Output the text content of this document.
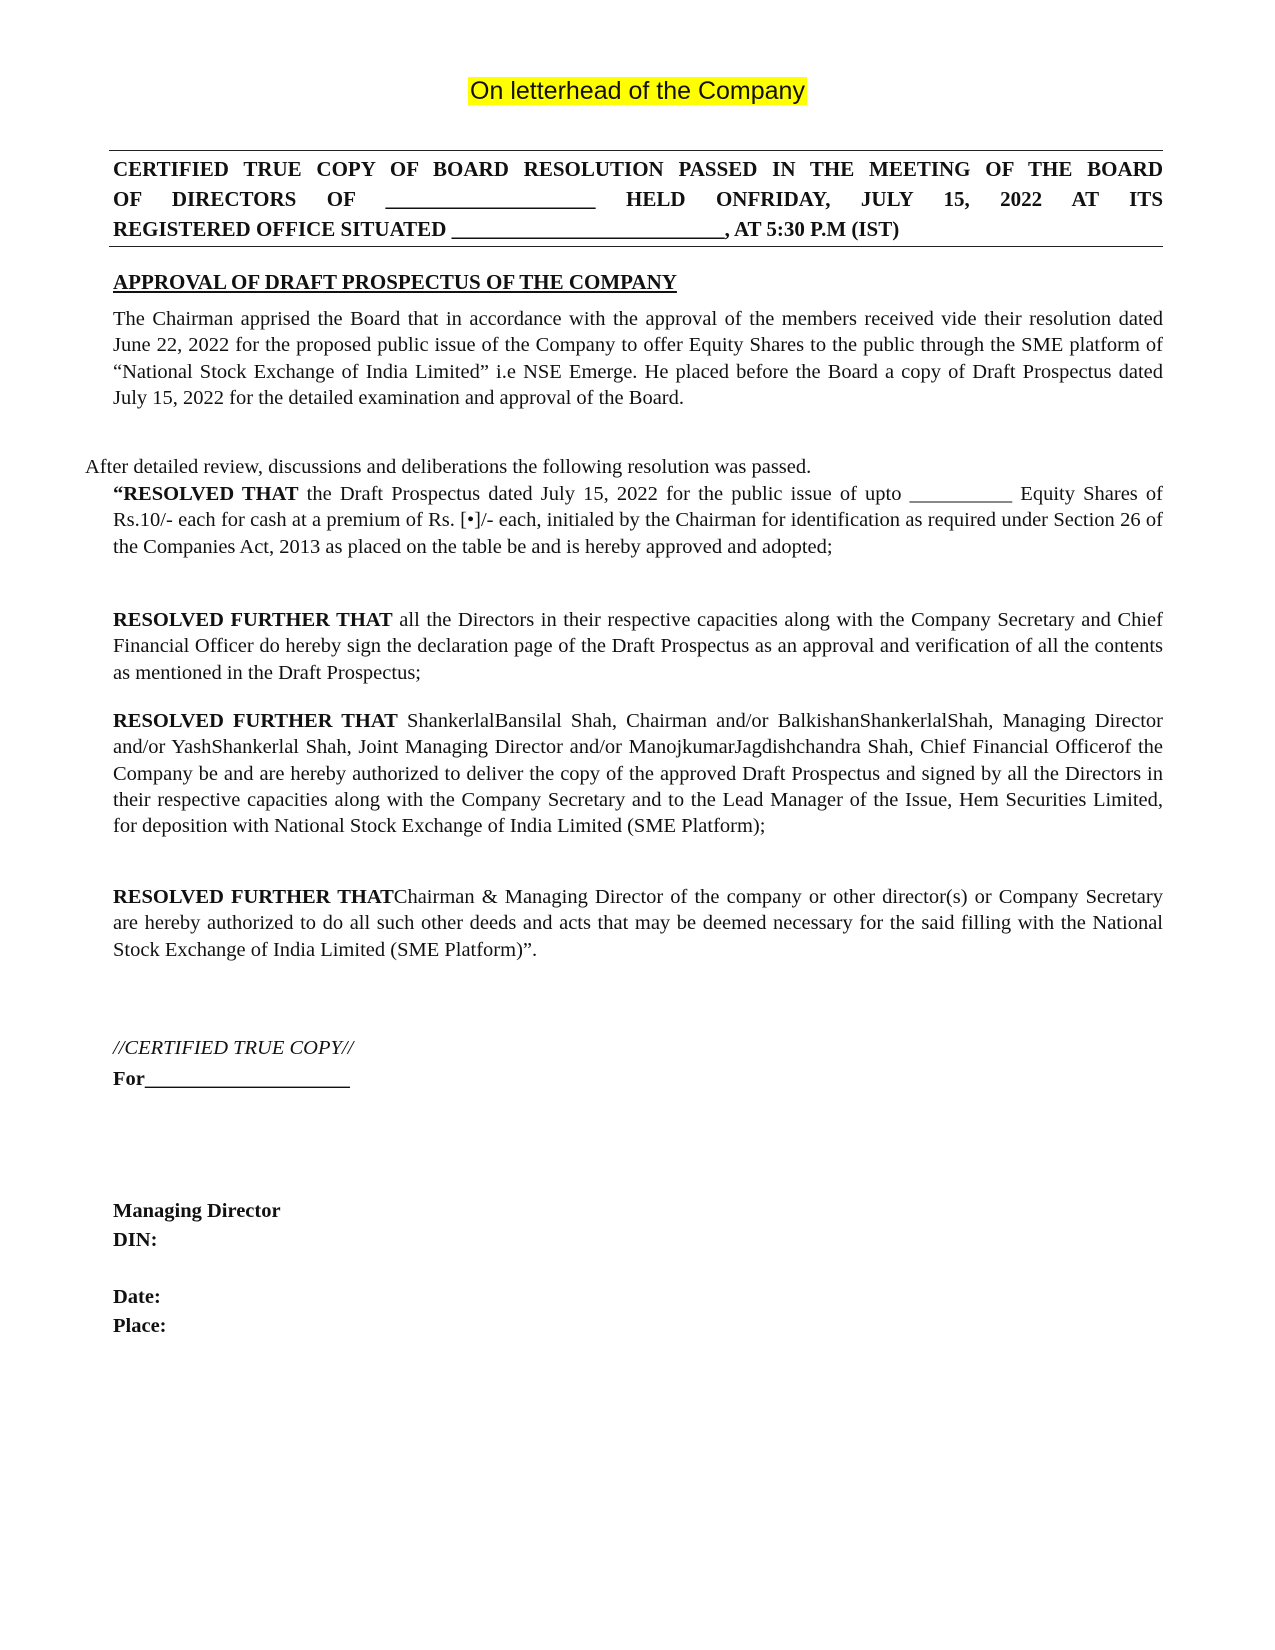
On letterhead of the Company
CERTIFIED TRUE COPY OF BOARD RESOLUTION PASSED IN THE MEETING OF THE BOARD
OF DIRECTORS OF ____________________ HELD ONFRIDAY, JULY 15, 2022 AT ITS
REGISTERED OFFICE SITUATED __________________________, AT 5:30 P.M (IST)
APPROVAL OF DRAFT PROSPECTUS OF THE COMPANY
The Chairman apprised the Board that in accordance with the approval of the members received vide their resolution dated June 22, 2022 for the proposed public issue of the Company to offer Equity Shares to the public through the SME platform of “National Stock Exchange of India Limited” i.e NSE Emerge. He placed before the Board a copy of Draft Prospectus dated July 15, 2022 for the detailed examination and approval of the Board.
After detailed review, discussions and deliberations the following resolution was passed.
“RESOLVED THAT the Draft Prospectus dated July 15, 2022 for the public issue of upto __________ Equity Shares of Rs.10/- each for cash at a premium of Rs. [•]/- each, initialed by the Chairman for identification as required under Section 26 of the Companies Act, 2013 as placed on the table be and is hereby approved and adopted;
RESOLVED FURTHER THAT all the Directors in their respective capacities along with the Company Secretary and Chief Financial Officer do hereby sign the declaration page of the Draft Prospectus as an approval and verification of all the contents as mentioned in the Draft Prospectus;
RESOLVED FURTHER THAT ShankerlalBansilal Shah, Chairman and/or BalkishanShankerlalShah, Managing Director and/or YashShankerlal Shah, Joint Managing Director and/or ManojkumarJagdishchandra Shah, Chief Financial Officerof the Company be and are hereby authorized to deliver the copy of the approved Draft Prospectus and signed by all the Directors in their respective capacities along with the Company Secretary and to the Lead Manager of the Issue, Hem Securities Limited, for deposition with National Stock Exchange of India Limited (SME Platform);
RESOLVED FURTHER THATChairman & Managing Director of the company or other director(s) or Company Secretary are hereby authorized to do all such other deeds and acts that may be deemed necessary for the said filling with the National Stock Exchange of India Limited (SME Platform)”.
//CERTIFIED TRUE COPY//
For____________________
Managing Director
DIN:
Date:
Place:
